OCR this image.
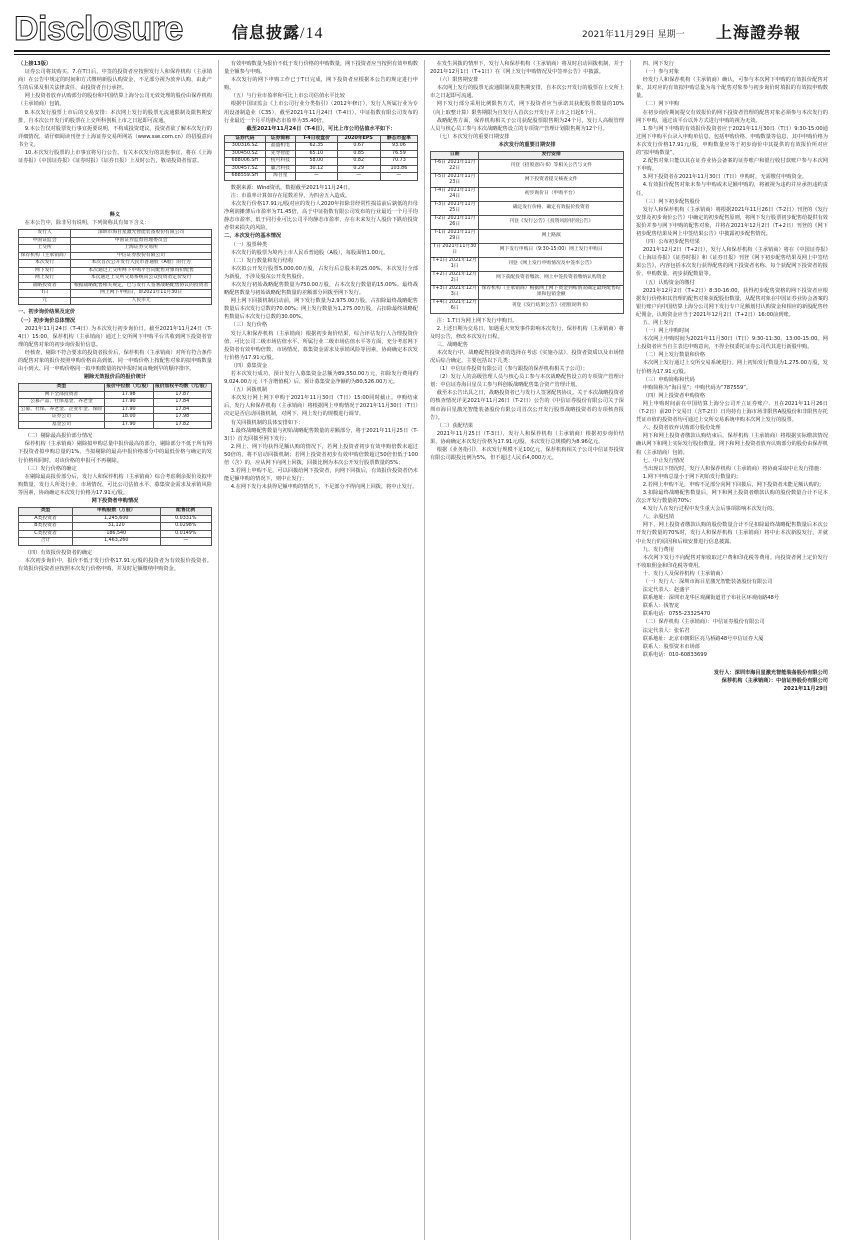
Disclosure	信息披露/14	2021年11月29日 星期一 上海證券報

（上接13版）

证券公司将其购买。7.在T日后，中签的投资者应按照发行人和保荐机构（主承销商）在公告中规定的时间和方式缴纳新股认购资金，不足部分视为放弃认购，由此产生的后果及相关法律责任，由投资者自行承担。

网上投资者放弃认购部分的股份和中国结算上海分公司无效处理的股份由保荐机构（主承销商）包销。

8.本次发行股票上市后的交易安排：本次网上发行的股票无流通限制及限售期安排，自本次公开发行的股票在上交所科创板上市之日起即可流通。

9.本公告仅对股票发行事宜扼要说明，不构成投资建议。投资者欲了解本次发行的详细情况，请仔细阅读刊登于上海证券交易所网站（www.sse.com.cn）的招股意向书全文。

10.本次发行股票的上市事宜将另行公告。有关本次发行的其他事宜，将在《上海证券报》《中国证券报》《证券时报》《证券日报》上及时公告，敬请投资者留意。

释义

在本公告中，除非另有说明，下列简称具有如下含义：

发行人	深圳市海目星激光智能装备股份有限公司
中国证监会	中国证券监督管理委员会
上交所	上海证券交易所
保荐机构（主承销商）	中信证券股份有限公司
本次发行	本次首次公开发行人民币普通股（A股）的行为
网下发行	本次通过上交所网下申购平台向配售对象询价配售
网上发行	本次通过上交所交易系统向公众投资者定价发行
战略投资者	根据战略配售相关规定，已与发行人签署战略配售协议的投资者
T日	网上网下申购日，即2021年11月30日
元	人民币元

一、初步询价结果及定价

（一）初步询价总体情况

2021年11月24日（T-4日）为本次发行初步询价日。截至2021年11月24日（T-4日）15:00，保荐机构（主承销商）通过上交所网下申购平台共收到网下投资者管理的配售对象的初步询价报价信息。

经核查，剔除不符合要求的投资者报价后，保荐机构（主承销商）对所有符合条件的配售对象的报价按照申购价格由高到低、同一申购价格上按配售对象的拟申购数量由小到大、同一申购价格同一拟申购数量的按申报时间由晚到早的顺序排序。

剔除无效报价后的报价统计
类型	报价中位数（元/股）	报价加权平均数（元/股）
网下全部投资者	17.98	17.87
公募产品、社保基金、养老金	17.90	17.84
公募、社保、养老金、企业年金、保险	17.90	17.84
证券公司	18.00	17.98
基金公司	17.90	17.82

（二）剔除最高报价部分情况

保荐机构（主承销商）剔除拟申购总量中报价最高的部分，剔除部分不低于所有网下投资者拟申购总量的1%。当拟剔除的最高申报价格部分中的最低价格与确定的发行价格相同时，对该价格的申报可不再剔除。

（三）发行价格的确定

在剔除最高报价部分后，发行人和保荐机构（主承销商）综合考虑剩余报价及拟申购数量、发行人所处行业、市场情况、可比公司估值水平、募集资金需求及承销风险等因素，协商确定本次发行价格为17.91元/股。

网下投资者申购情况
类型	申购股数（万股）	配售比例
A类投资者	1,245,600	0.0331%
B类投资者	31,120	0.0298%
C类投资者	186,540	0.0149%
合计	1,463,260	—

（四）有效报价投资者的确定

本次初步询价中，报价不低于发行价格17.91元/股的投资者为有效报价投资者。有效报价投资者应按照本次发行价格申购，并及时足额缴纳申购资金。

有效申购数量为报价不低于发行价格的申购数量，网下投资者应当按照有效申购数量全额参与申购。

本次发行的网下申购工作已于T日完成，网下投资者应根据本公告的规定进行申购。

（五）与行业市盈率和可比上市公司估值水平比较

根据中国证监会《上市公司行业分类指引》（2012年修订），发行人所属行业为专用设备制造业（C35），截至2021年11月24日（T-4日），中证指数有限公司发布的行业最近一个月平均静态市盈率为35.40倍。

截至2021年11月24日（T-4日），可比上市公司估值水平如下：
证券代码	证券简称	T-4日收盘价	2020年EPS	静态市盈率
300316.SZ	晶盛机电	62.35	0.67	93.06
300450.SZ	先导智能	65.10	0.85	76.59
688006.SH	杭可科技	58.00	0.82	70.73
300457.SZ	赢合科技	30.12	0.29	103.86
688559.SH	海目星	—	—	—

数据来源：Wind资讯，数据截至2021年11月24日。

注：市盈率计算如存在尾数差异，为四舍五入造成。

本次发行价格17.91元/股对应的发行人2020年扣除非经常性损益前后孰低的归母净利润摊薄后市盈率为71.45倍，高于中证指数有限公司发布的行业最近一个月平均静态市盈率，低于同行业可比公司平均静态市盈率，存在未来发行人股价下跌给投资者带来损失的风险。

二、本次发行的基本情况

（一）股票种类

本次发行的股票为境内上市人民币普通股（A股），每股面值1.00元。

（二）发行数量和发行结构

本次拟公开发行股票5,000.00万股，占发行后总股本的25.00%。本次发行全部为新股，不涉及股东公开发售股份。

本次发行初始战略配售数量为750.00万股，占本次发行数量的15.00%。最终战略配售数量与初始战略配售数量的差额部分回拨至网下发行。

网上网下回拨机制启动前，网下发行数量为2,975.00万股，占扣除最终战略配售数量后本次发行总数的70.00%；网上发行数量为1,275.00万股，占扣除最终战略配售数量后本次发行总数的30.00%。

（三）发行价格

发行人和保荐机构（主承销商）根据初步询价结果，综合评估发行人合理投资价值、可比公司二级市场估值水平、所属行业二级市场估值水平等方面，充分考虑网下投资者有效申购倍数、市场情况、募集资金需求及承销风险等因素，协商确定本次发行价格为17.91元/股。

（四）募集资金

若本次发行成功，预计发行人募集资金总额为89,550.00万元，扣除发行费用约9,024.00万元（不含增值税）后，预计募集资金净额约为80,526.00万元。

（五）回拨机制

本次发行网上网下申购于2021年11月30日（T日）15:00同时截止。申购结束后，发行人和保荐机构（主承销商）将根据网上申购情况于2021年11月30日（T日）决定是否启动回拨机制，对网下、网上发行的规模进行调节。

有关回拨机制的具体安排如下：

1.最终战略配售数量与初始战略配售数量的差额部分，将于2021年11月25日（T-3日）首先回拨至网下发行；

2.网上、网下均获得足额认购的情况下，若网上投资者初步有效申购倍数未超过50倍的，将不启动回拨机制；若网上投资者初步有效申购倍数超过50倍但低于100倍（含）的，应从网下向网上回拨，回拨比例为本次公开发行股票数量的5%；

3.若网上申购不足，可以回拨给网下投资者，向网下回拨后，有效报价投资者仍未能足额申购的情况下，则中止发行；

4.在网下发行未获得足额申购的情况下，不足部分不得向网上回拨，将中止发行。

在发生回拨的情形下，发行人和保荐机构（主承销商）将及时启动回拨机制，并于2021年12月1日（T+1日）在《网上发行申购情况及中签率公告》中披露。

（六）限售期安排

本次网上发行的股票无流通限制及限售期安排，自本次公开发行的股票在上交所上市之日起即可流通。

网下发行部分采用比例限售方式，网下投资者应当承诺其获配股票数量的10%（向上取整计算）限售期限为自发行人首次公开发行并上市之日起6个月。

战略配售方面，保荐机构相关子公司获配股票限售期为24个月，发行人高级管理人员与核心员工参与本次战略配售设立的专项资产管理计划限售期为12个月。

（七）本次发行的重要日期安排

本次发行的重要日期安排
日期	发行安排
T-6日 2021年11月22日	刊登《招股意向书》等相关公告与文件
T-5日 2021年11月23日	网下投资者提交核查文件
T-4日 2021年11月24日	初步询价日（申购平台）
T-3日 2021年11月25日	确定发行价格、确定有效报价投资者
T-2日 2021年11月26日	刊登《发行公告》《投资风险特别公告》
T-1日 2021年11月29日	网上路演
T日 2021年11月30日	网下发行申购日（9:30-15:00）网上发行申购日
T+1日 2021年12月1日	刊登《网上发行申购情况及中签率公告》
T+2日 2021年12月2日	网下获配投资者缴款、网上中签投资者缴纳认购资金
T+3日 2021年12月3日	保荐机构（主承销商）根据网上网下资金到账情况确定最终配售结果和包销金额
T+4日 2021年12月6日	刊登《发行结果公告》《招股说明书》

注：1.T日为网上网下发行申购日。

2.上述日期为交易日，如遇重大突发事件影响本次发行，保荐机构（主承销商）将及时公告，修改本次发行日程。

三、战略配售

本次发行中，战略配售投资者的选择在考虑《实施办法》、投资者资质以及市场情况后综合确定，主要包括以下几类：

（1）中信证券投资有限公司（参与跟投的保荐机构相关子公司）；

（2）发行人的高级管理人员与核心员工参与本次战略配售设立的专项资产管理计划：中信证券海目星员工参与科创板战略配售集合资产管理计划。

截至本公告出具之日，战略投资者已与发行人签署配售协议。关于本次战略投资者的核查情况详见2021年11月26日（T-2日）公告的《中信证券股份有限公司关于深圳市海目星激光智能装备股份有限公司首次公开发行股票战略投资者的专项核查报告》。

（二）获配结果

2021年11月25日（T-3日），发行人和保荐机构（主承销商）根据初步询价结果，协商确定本次发行价格为17.91元/股，本次发行总规模约为8.96亿元。

根据《业务指引》，本次发行规模不足10亿元，保荐机构相关子公司中信证券投资有限公司跟投比例为5%，但不超过人民币4,000万元。

四、网下发行

（一）参与对象

经发行人和保荐机构（主承销商）确认，可参与本次网下申购的有效报价配售对象，其对应的有效拟申购总量为每个配售对象参与初步询价时填报的有效拟申购数量。

（二）网下申购

在初步询价期间提交有效报价的网下投资者管理的配售对象必须参与本次发行的网下申购，通过该平台以外方式进行申购的视为无效。

1.参与网下申购的有效报价投资者应于2021年11月30日（T日）9:30-15:00通过网下申购平台录入申购单信息，包括申购价格、申购数量等信息，其中申购价格为本次发行价格17.91元/股，申购数量应等于初步询价中其提供的有效报价所对应的“拟申购数量”。

2.配售对象只能以其在证券业协会备案的证券账户和银行收付款账户参与本次网下申购。

3.网下投资者在2021年11月30日（T日）申购时，无需缴付申购资金。

4.有效报价配售对象未参与申购或未足额申购的，将被视为违约并应承担违约责任。

（三）网下初步配售股份

发行人和保荐机构（主承销商）将根据2021年11月26日（T-2日）刊登的《发行安排及初步询价公告》中确定的初步配售原则，将网下发行股票初步配售给提供有效报价并参与网下申购的配售对象，并将在2021年12月2日（T+2日）刊登的《网下初步配售结果及网上中签结果公告》中披露初步配售情况。

（四）公布初步配售结果

2021年12月2日（T+2日），发行人和保荐机构（主承销商）将在《中国证券报》《上海证券报》《证券时报》和《证券日报》刊登《网下初步配售结果及网上中签结果公告》，内容包括本次发行获得配售的网下投资者名称、每个获配网下投资者的报价、申购数量、初步获配数量等。

（五）认购资金的缴付

2021年12月2日（T+2日）8:30-16:00，获得初步配售资格的网下投资者应根据发行价格和其管理的配售对象获配股份数量，从配售对象在中国证券业协会备案的银行账户向中国结算上海分公司网下发行专户足额划付认购资金和相应的新股配售经纪佣金，认购资金应当于2021年12月2日（T+2日）16:00前到账。

五、网上发行

（一）网上申购时间

本次网上申购时间为2021年11月30日（T日）9:30-11:30、13:00-15:00。网上投资者应当自主表达申购意向，不得全权委托证券公司代其进行新股申购。

（二）网上发行数量和价格

本次网上发行通过上交所交易系统进行。网上初始发行数量为1,275.00万股，发行价格为17.91元/股。

（三）申购简称和代码

申购简称为“海目星”；申购代码为“787559”。

（四）网上投资者申购资格

网上申购时间前在中国结算上海分公司开立证券账户、且在2021年11月26日（T-2日）前20个交易日（含T-2日）日均持有上海市场非限售A股股份和非限售存托凭证市值的投资者均可通过上交所交易系统申购本次网上发行的股票。

六、投资者放弃认购部分股份处理

网下和网上投资者缴款认购结束后，保荐机构（主承销商）将根据实际缴款情况确认网下和网上实际发行股份数量。网下和网上投资者放弃认购部分的股份由保荐机构（主承销商）包销。

七、中止发行情况

当出现以下情况时，发行人和保荐机构（主承销商）将协商采取中止发行措施：

1.网下申购总量小于网下初始发行数量的；

2.若网上申购不足，申购不足部分向网下回拨后，网下投资者未能足额认购的；

3.扣除最终战略配售数量后，网下和网上投资者缴款认购的股份数量合计不足本次公开发行数量的70%；

4.发行人在发行过程中发生重大会后事项影响本次发行的。

八、余股包销

网下、网上投资者缴款认购的股份数量合计不足扣除最终战略配售数量后本次公开发行数量的70%时，发行人和保荐机构（主承销商）将中止本次新股发行，并就中止发行的原因和后续安排进行信息披露。

九、发行费用

本次网下发行不向配售对象收取过户费和印花税等费用。向投资者网上定价发行不收取佣金和印花税等费用。

十、发行人及保荐机构（主承销商）

（一）发行人：深圳市海目星激光智能装备股份有限公司

法定代表人：赵盛宇

联系地址：深圳市龙华区观澜街道君子布社区环观南路48号

联系人：钱智龙

联系电话：0755-23325470

（二）保荐机构（主承销商）：中信证券股份有限公司

法定代表人：张佑君

联系地址：北京市朝阳区亮马桥路48号中信证券大厦

联系人：股票资本市场部

联系电话：010-60833699

发行人：深圳市海目星激光智能装备股份有限公司
保荐机构（主承销商）：中信证券股份有限公司
2021年11月29日
